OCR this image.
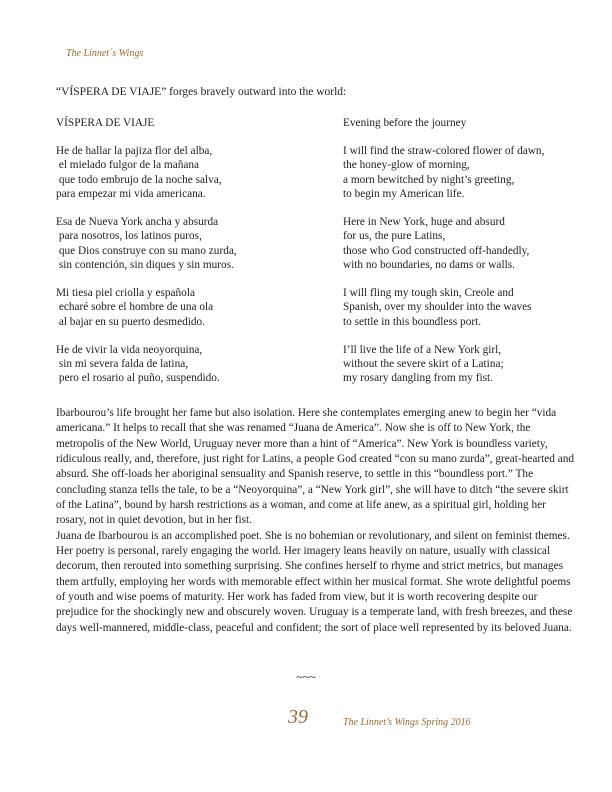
The Linnet´s Wings
“VÍSPERA DE VIAJE” forges bravely outward into the world:
VÍSPERA DE VIAJE
He de hallar la pajiza flor del alba,
el mielado fulgor de la mañana
que todo embrujo de la noche salva,
para empezar mi vida americana.
Esa de Nueva York ancha y absurda
para nosotros, los latinos puros,
que Dios construye con su mano zurda,
sin contención, sin diques y sin muros.
Mi tiesa piel criolla y española
echaré sobre el hombre de una ola
al bajar en su puerto desmedido.
He de vivir la vida neoyorquina,
sin mi severa falda de latina,
pero el rosario al puño, suspendido.
Evening before the journey
I will find the straw-colored flower of dawn,
the honey-glow of morning,
a morn bewitched by night’s greeting,
to begin my American life.
Here in New York, huge and absurd
for us, the pure Latins,
those who God constructed off-handedly,
with no boundaries, no dams or walls.
I will fling my tough skin, Creole and
Spanish, over my shoulder into the waves
to settle in this boundless port.
I’ll live the life of a New York girl,
without the severe skirt of a Latina;
my rosary dangling from my fist.

Ibarbourou’s life brought her fame but also isolation. Here she contemplates emerging anew to begin her “vida americana.” It helps to recall that she was renamed “Juana de America”. Now she is off to New York, the metropolis of the New World, Uruguay never more than a hint of “America”. New York is boundless variety, ridiculous really, and, therefore, just right for Latins, a people God created “con su mano zurda”, great-hearted and absurd. She off-loads her aboriginal sensuality and Spanish reserve, to settle in this “boundless port.” The concluding stanza tells the tale, to be a “Neoyorquina”, a “New York girl”, she will have to ditch “the severe skirt of the Latina”, bound by harsh restrictions as a woman, and come at life anew, as a spiritual girl, holding her rosary, not in quiet devotion, but in her fist.

Juana de Ibarbourou is an accomplished poet. She is no bohemian or revolutionary, and silent on feminist themes. Her poetry is personal, rarely engaging the world. Her imagery leans heavily on nature, usually with classical decorum, then rerouted into something surprising. She confines herself to rhyme and strict metrics, but manages them artfully, employing her words with memorable effect within her musical format. She wrote delightful poems of youth and wise poems of maturity. Her work has faded from view, but it is worth recovering despite our prejudice for the shockingly new and obscurely woven. Uruguay is a temperate land, with fresh breezes, and these days well-mannered, middle-class, peaceful and confident; the sort of place well represented by its beloved Juana.

~~~
39	The Linnet’s Wings Spring 2016
